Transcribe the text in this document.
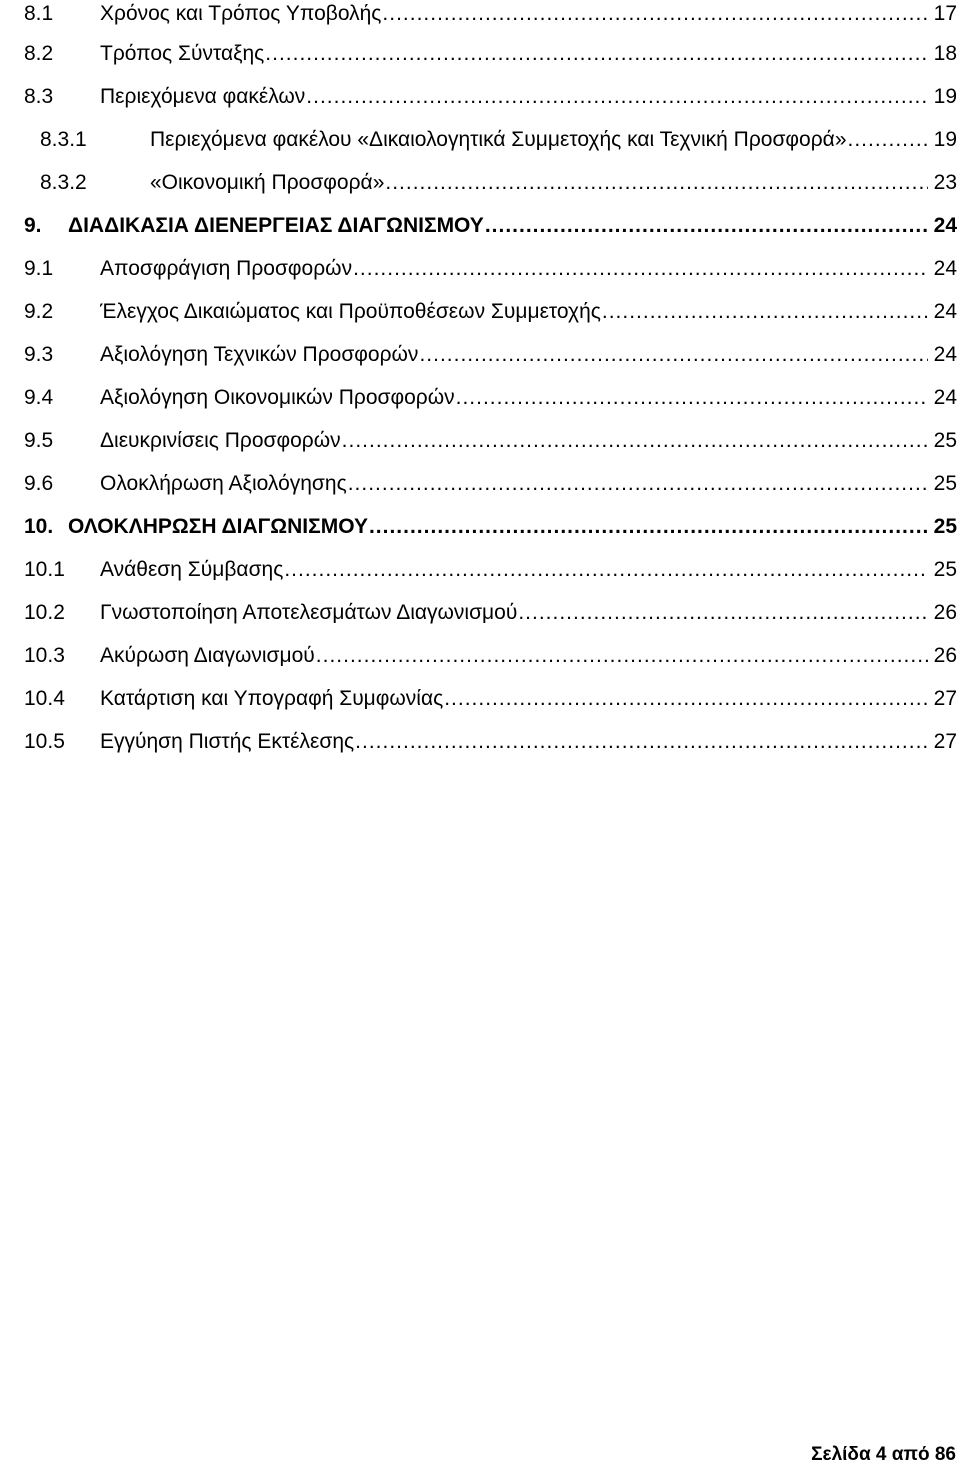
8.1	Χρόνος και Τρόπος Υποβολής .....	17
8.2	Τρόπος Σύνταξης .....	18
8.3	Περιεχόμενα φακέλων .....	19
8.3.1	Περιεχόμενα φακέλου «Δικαιολογητικά Συμμετοχής και Τεχνική Προσφορά» .....	19
8.3.2	«Οικονομική Προσφορά» .....	23
9.	ΔΙΑΔΙΚΑΣΙΑ ΔΙΕΝΕΡΓΕΙΑΣ ΔΙΑΓΩΝΙΣΜΟΥ .....	24
9.1	Αποσφράγιση Προσφορών .....	24
9.2	Έλεγχος Δικαιώματος και Προϋποθέσεων Συμμετοχής .....	24
9.3	Αξιολόγηση Τεχνικών Προσφορών .....	24
9.4	Αξιολόγηση Οικονομικών Προσφορών .....	24
9.5	Διευκρινίσεις Προσφορών .....	25
9.6	Ολοκλήρωση Αξιολόγησης .....	25
10. ΟΛΟΚΛΗΡΩΣΗ ΔΙΑΓΩΝΙΣΜΟΥ .....	25
10.1	Ανάθεση Σύμβασης .....	25
10.2	Γνωστοποίηση Αποτελεσμάτων Διαγωνισμού .....	26
10.3	Ακύρωση Διαγωνισμού .....	26
10.4	Κατάρτιση και Υπογραφή Συμφωνίας .....	27
10.5	Εγγύηση Πιστής Εκτέλεσης .....	27
Σελίδα 4 από 86
